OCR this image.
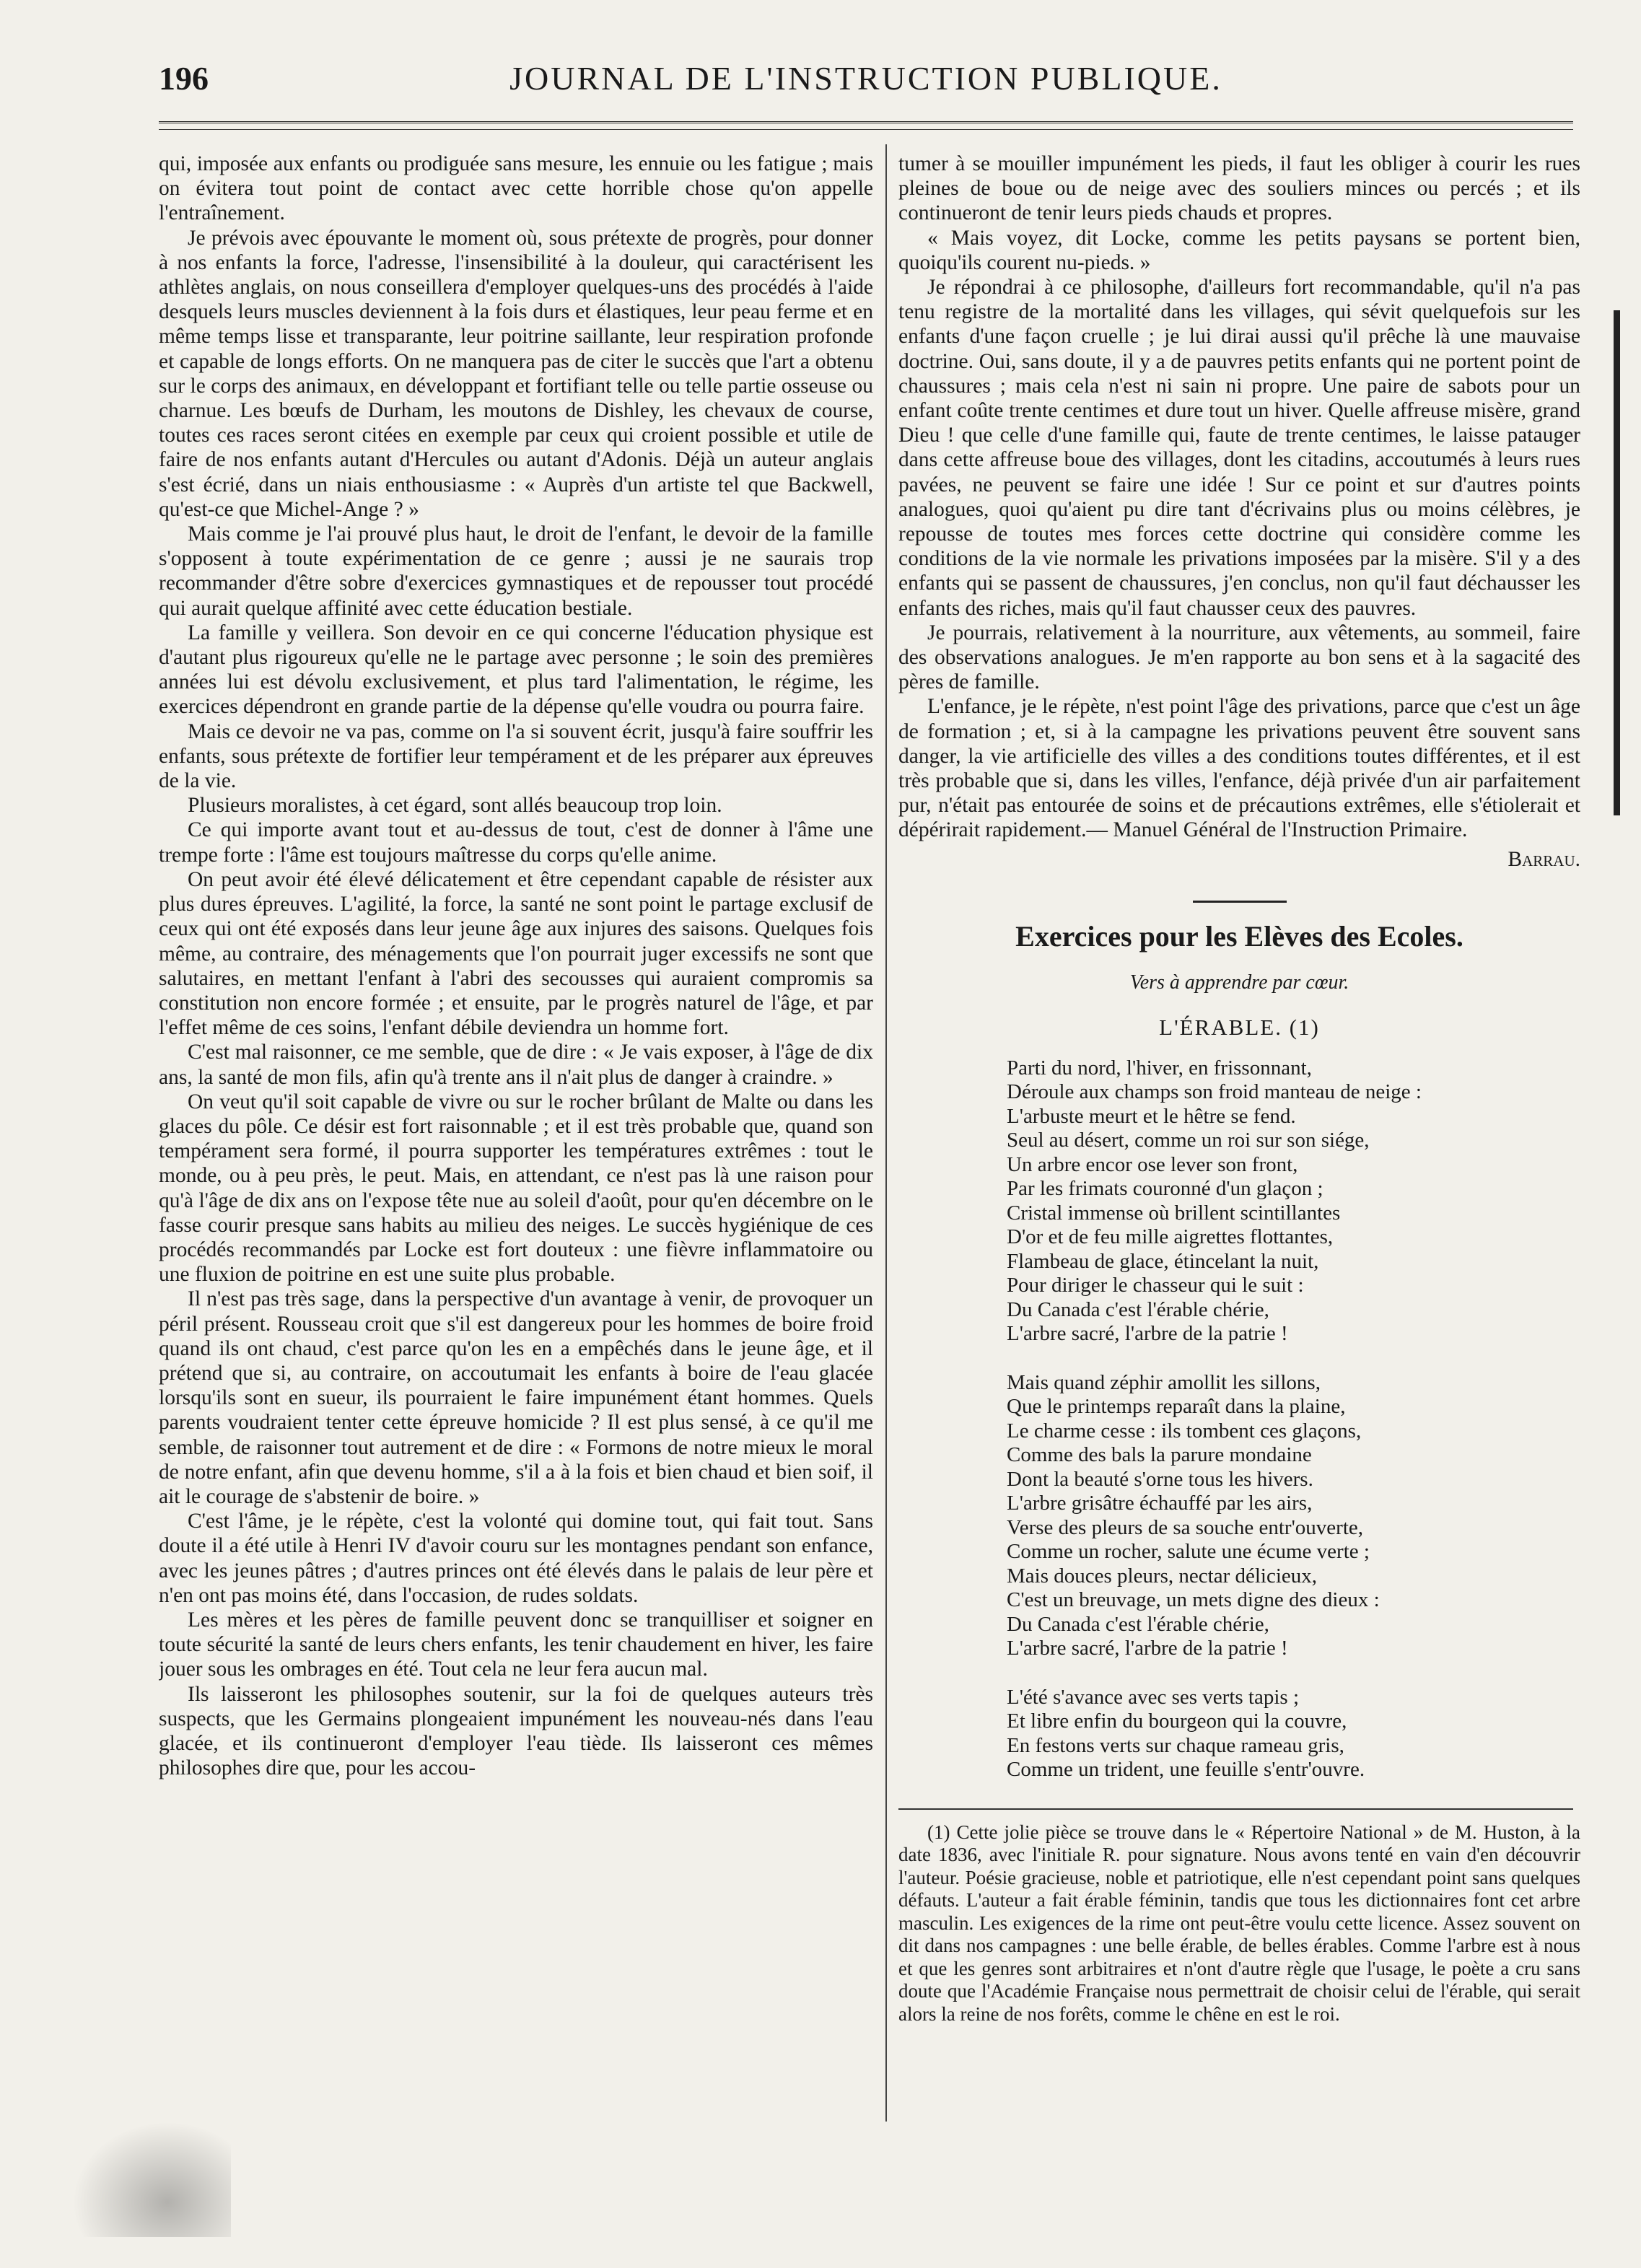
196	JOURNAL DE L'INSTRUCTION PUBLIQUE.

qui, imposée aux enfants ou prodiguée sans mesure, les ennuie ou les fatigue ; mais on évitera tout point de contact avec cette horrible chose qu'on appelle l'entraînement.

Je prévois avec épouvante le moment où, sous prétexte de progrès, pour donner à nos enfants la force, l'adresse, l'insensibilité à la douleur, qui caractérisent les athlètes anglais, on nous conseillera d'employer quelques-uns des procédés à l'aide desquels leurs muscles deviennent à la fois durs et élastiques, leur peau ferme et en même temps lisse et transparante, leur poitrine saillante, leur respiration profonde et capable de longs efforts. On ne manquera pas de citer le succès que l'art a obtenu sur le corps des animaux, en développant et fortifiant telle ou telle partie osseuse ou charnue. Les bœufs de Durham, les moutons de Dishley, les chevaux de course, toutes ces races seront citées en exemple par ceux qui croient possible et utile de faire de nos enfants autant d'Hercules ou autant d'Adonis. Déjà un auteur anglais s'est écrié, dans un niais enthousiasme : « Auprès d'un artiste tel que Backwell, qu'est-ce que Michel-Ange ? »

Mais comme je l'ai prouvé plus haut, le droit de l'enfant, le devoir de la famille s'opposent à toute expérimentation de ce genre ; aussi je ne saurais trop recommander d'être sobre d'exercices gymnastiques et de repousser tout procédé qui aurait quelque affinité avec cette éducation bestiale.

La famille y veillera. Son devoir en ce qui concerne l'éducation physique est d'autant plus rigoureux qu'elle ne le partage avec personne ; le soin des premières années lui est dévolu exclusivement, et plus tard l'alimentation, le régime, les exercices dépendront en grande partie de la dépense qu'elle voudra ou pourra faire.

Mais ce devoir ne va pas, comme on l'a si souvent écrit, jusqu'à faire souffrir les enfants, sous prétexte de fortifier leur tempérament et de les préparer aux épreuves de la vie.

Plusieurs moralistes, à cet égard, sont allés beaucoup trop loin.

Ce qui importe avant tout et au-dessus de tout, c'est de donner à l'âme une trempe forte : l'âme est toujours maîtresse du corps qu'elle anime.

On peut avoir été élevé délicatement et être cependant capable de résister aux plus dures épreuves. L'agilité, la force, la santé ne sont point le partage exclusif de ceux qui ont été exposés dans leur jeune âge aux injures des saisons. Quelques fois même, au contraire, des ménagements que l'on pourrait juger excessifs ne sont que salutaires, en mettant l'enfant à l'abri des secousses qui auraient compromis sa constitution non encore formée ; et ensuite, par le progrès naturel de l'âge, et par l'effet même de ces soins, l'enfant débile deviendra un homme fort.

C'est mal raisonner, ce me semble, que de dire : « Je vais exposer, à l'âge de dix ans, la santé de mon fils, afin qu'à trente ans il n'ait plus de danger à craindre. »

On veut qu'il soit capable de vivre ou sur le rocher brûlant de Malte ou dans les glaces du pôle. Ce désir est fort raisonnable ; et il est très probable que, quand son tempérament sera formé, il pourra supporter les températures extrêmes : tout le monde, ou à peu près, le peut. Mais, en attendant, ce n'est pas là une raison pour qu'à l'âge de dix ans on l'expose tête nue au soleil d'août, pour qu'en décembre on le fasse courir presque sans habits au milieu des neiges. Le succès hygiénique de ces procédés recommandés par Locke est fort douteux : une fièvre inflammatoire ou une fluxion de poitrine en est une suite plus probable.

Il n'est pas très sage, dans la perspective d'un avantage à venir, de provoquer un péril présent. Rousseau croit que s'il est dangereux pour les hommes de boire froid quand ils ont chaud, c'est parce qu'on les en a empêchés dans le jeune âge, et il prétend que si, au contraire, on accoutumait les enfants à boire de l'eau glacée lorsqu'ils sont en sueur, ils pourraient le faire impunément étant hommes. Quels parents voudraient tenter cette épreuve homicide ? Il est plus sensé, à ce qu'il me semble, de raisonner tout autrement et de dire : « Formons de notre mieux le moral de notre enfant, afin que devenu homme, s'il a à la fois et bien chaud et bien soif, il ait le courage de s'abstenir de boire. »

C'est l'âme, je le répète, c'est la volonté qui domine tout, qui fait tout. Sans doute il a été utile à Henri IV d'avoir couru sur les montagnes pendant son enfance, avec les jeunes pâtres ; d'autres princes ont été élevés dans le palais de leur père et n'en ont pas moins été, dans l'occasion, de rudes soldats.

Les mères et les pères de famille peuvent donc se tranquilliser et soigner en toute sécurité la santé de leurs chers enfants, les tenir chaudement en hiver, les faire jouer sous les ombrages en été. Tout cela ne leur fera aucun mal.

Ils laisseront les philosophes soutenir, sur la foi de quelques auteurs très suspects, que les Germains plongeaient impunément les nouveau-nés dans l'eau glacée, et ils continueront d'employer l'eau tiède. Ils laisseront ces mêmes philosophes dire que, pour les accou-

tumer à se mouiller impunément les pieds, il faut les obliger à courir les rues pleines de boue ou de neige avec des souliers minces ou percés ; et ils continueront de tenir leurs pieds chauds et propres.

« Mais voyez, dit Locke, comme les petits paysans se portent bien, quoiqu'ils courent nu-pieds. »

Je répondrai à ce philosophe, d'ailleurs fort recommandable, qu'il n'a pas tenu registre de la mortalité dans les villages, qui sévit quelquefois sur les enfants d'une façon cruelle ; je lui dirai aussi qu'il prêche là une mauvaise doctrine. Oui, sans doute, il y a de pauvres petits enfants qui ne portent point de chaussures ; mais cela n'est ni sain ni propre. Une paire de sabots pour un enfant coûte trente centimes et dure tout un hiver. Quelle affreuse misère, grand Dieu ! que celle d'une famille qui, faute de trente centimes, le laisse patauger dans cette affreuse boue des villages, dont les citadins, accoutumés à leurs rues pavées, ne peuvent se faire une idée ! Sur ce point et sur d'autres points analogues, quoi qu'aient pu dire tant d'écrivains plus ou moins célèbres, je repousse de toutes mes forces cette doctrine qui considère comme les conditions de la vie normale les privations imposées par la misère. S'il y a des enfants qui se passent de chaussures, j'en conclus, non qu'il faut déchausser les enfants des riches, mais qu'il faut chausser ceux des pauvres.

Je pourrais, relativement à la nourriture, aux vêtements, au sommeil, faire des observations analogues. Je m'en rapporte au bon sens et à la sagacité des pères de famille.

L'enfance, je le répète, n'est point l'âge des privations, parce que c'est un âge de formation ; et, si à la campagne les privations peuvent être souvent sans danger, la vie artificielle des villes a des conditions toutes différentes, et il est très probable que si, dans les villes, l'enfance, déjà privée d'un air parfaitement pur, n'était pas entourée de soins et de précautions extrêmes, elle s'étiolerait et dépérirait rapidement.— Manuel Général de l'Instruction Primaire.

Barrau.

Exercices pour les Elèves des Ecoles.
Vers à apprendre par cœur.
L'ÉRABLE. (1)
Parti du nord, l'hiver, en frissonnant,
Déroule aux champs son froid manteau de neige :
L'arbuste meurt et le hêtre se fend.
Seul au désert, comme un roi sur son siége,
Un arbre encor ose lever son front,
Par les frimats couronné d'un glaçon ;
Cristal immense où brillent scintillantes
D'or et de feu mille aigrettes flottantes,
Flambeau de glace, étincelant la nuit,
Pour diriger le chasseur qui le suit :
Du Canada c'est l'érable chérie,
L'arbre sacré, l'arbre de la patrie !
Mais quand zéphir amollit les sillons,
Que le printemps reparaît dans la plaine,
Le charme cesse : ils tombent ces glaçons,
Comme des bals la parure mondaine
Dont la beauté s'orne tous les hivers.
L'arbre grisâtre échauffé par les airs,
Verse des pleurs de sa souche entr'ouverte,
Comme un rocher, salute une écume verte ;
Mais douces pleurs, nectar délicieux,
C'est un breuvage, un mets digne des dieux :
Du Canada c'est l'érable chérie,
L'arbre sacré, l'arbre de la patrie !
L'été s'avance avec ses verts tapis ;
Et libre enfin du bourgeon qui la couvre,
En festons verts sur chaque rameau gris,
Comme un trident, une feuille s'entr'ouvre.

(1) Cette jolie pièce se trouve dans le « Répertoire National » de M. Huston, à la date 1836, avec l'initiale R. pour signature. Nous avons tenté en vain d'en découvrir l'auteur. Poésie gracieuse, noble et patriotique, elle n'est cependant point sans quelques défauts. L'auteur a fait érable féminin, tandis que tous les dictionnaires font cet arbre masculin. Les exigences de la rime ont peut-être voulu cette licence. Assez souvent on dit dans nos campagnes : une belle érable, de belles érables. Comme l'arbre est à nous et que les genres sont arbitraires et n'ont d'autre règle que l'usage, le poète a cru sans doute que l'Académie Française nous permettrait de choisir celui de l'érable, qui serait alors la reine de nos forêts, comme le chêne en est le roi.
